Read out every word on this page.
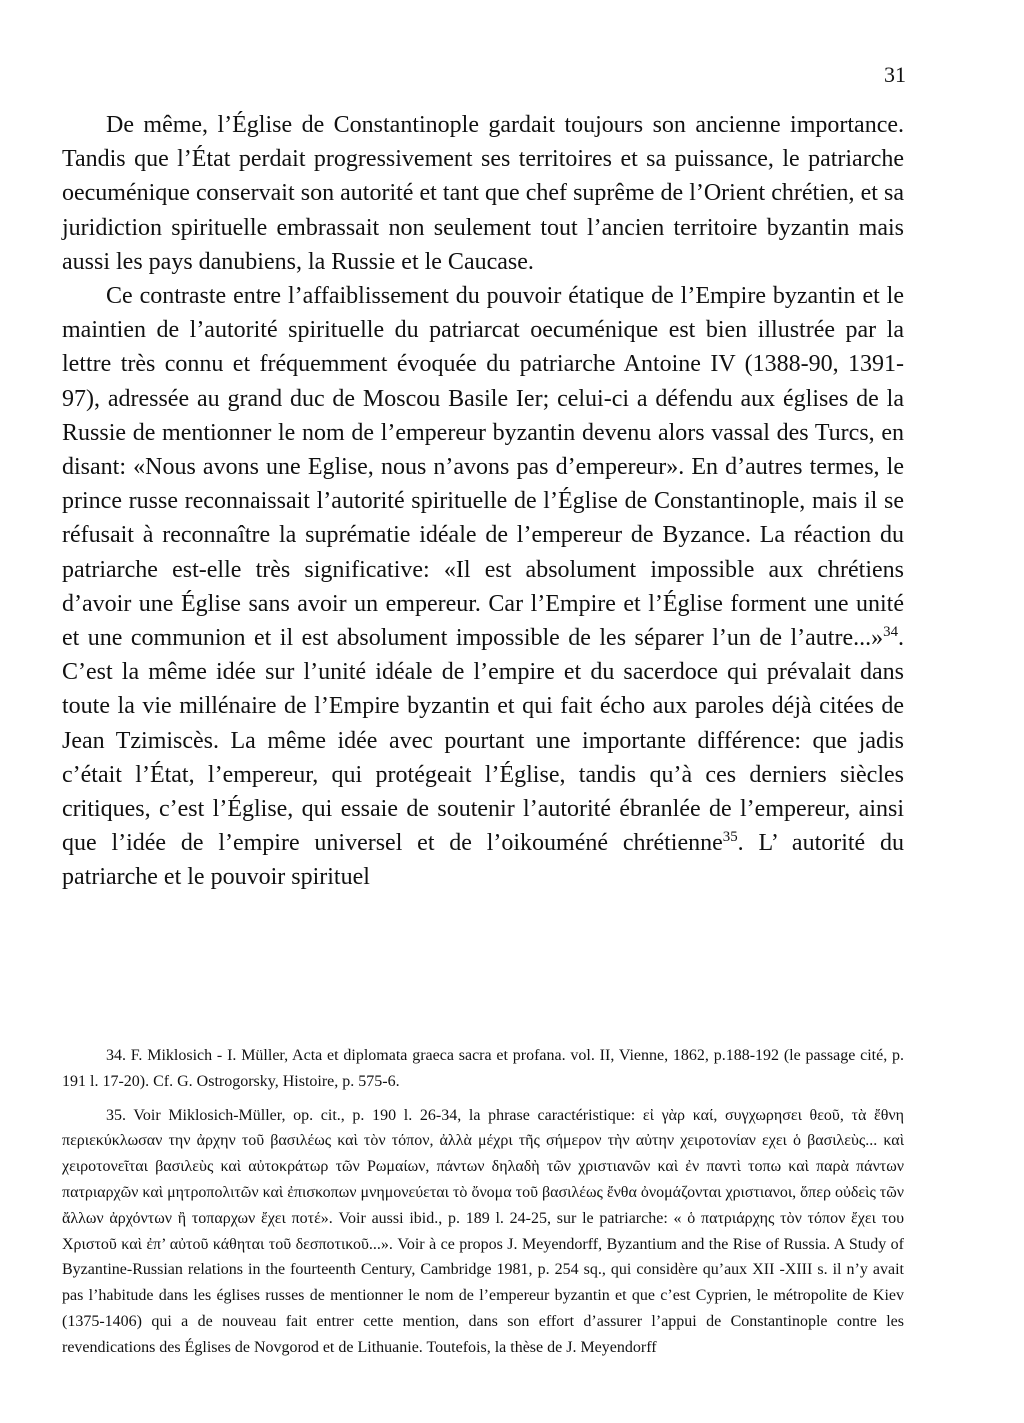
31

De même, l’Église de Constantinople gardait toujours son ancienne importance. Tandis que l’État perdait progressivement ses territoires et sa puissance, le patriarche oecuménique conservait son autorité et tant que chef suprême de l’Orient chrétien, et sa juridiction spirituelle embrassait non seulement tout l’ancien territoire byzantin mais aussi les pays danubiens, la Russie et le Caucase.

Ce contraste entre l’affaiblissement du pouvoir étatique de l’Empire byzantin et le maintien de l’autorité spirituelle du patriarcat oecuménique est bien illustrée par la lettre très connu et fréquemment évoquée du patriarche Antoine IV (1388-90, 1391-97), adressée au grand duc de Moscou Basile Ier; celui-ci a défendu aux églises de la Russie de mentionner le nom de l’empereur byzantin devenu alors vassal des Turcs, en disant: «Nous avons une Eglise, nous n’avons pas d’empereur». En d’autres termes, le prince russe reconnaissait l’autorité spirituelle de l’Église de Constantinople, mais il se réfusait à reconnaître la suprématie idéale de l’empereur de Byzance. La réaction du patriarche est-elle très significative: «Il est absolument impossible aux chrétiens d’avoir une Église sans avoir un empereur. Car l’Empire et l’Église forment une unité et une communion et il est absolument impossible de les séparer l’un de l’autre...»$^{34}$. C’est la même idée sur l’unité idéale de l’empire et du sacerdoce qui prévalait dans toute la vie millénaire de l’Empire byzantin et qui fait écho aux paroles déjà citées de Jean Tzimiscès. La même idée avec pourtant une importante différence: que jadis c’était l’État, l’empereur, qui protégeait l’Église, tandis qu’à ces derniers siècles critiques, c’est l’Église, qui essaie de soutenir l’autorité ébranlée de l’empereur, ainsi que l’idée de l’empire universel et de l’oikouméné chrétienne$^{35}$. L’ autorité du patriarche et le pouvoir spirituel

34. F. Miklosich - I. Müller, Acta et diplomata graeca sacra et profana. vol. II, Vienne, 1862, p.188-192 (le passage cité, p. 191 l. 17-20). Cf. G. Ostrogorsky, Histoire, p. 575-6.

35. Voir Miklosich-Müller, op. cit., p. 190 l. 26-34, la phrase caractéristique: εἰ γὰρ καί, συγχωρησει θεοῦ, τὰ ἔθνη περιεκύκλωσαν την ἀρχην τοῦ βασιλέως καὶ τὸν τόπον, ἀλλὰ μέχρι τῆς σήμερον τὴν αὐτην χειροτονίαν εχει ὁ βασιλεὺς... καὶ χειροτονεῖται βασιλεὺς καὶ αὐτοκράτωρ τῶν Ρωμαίων, πάντων δηλαδὴ τῶν χριστιανῶν καὶ ἐν παντὶ τοπω καὶ παρὰ πάντων πατριαρχῶν καὶ μητροπολιτῶν καὶ ἐπισκοπων μνημονεύεται τὸ ὄνομα τοῦ βασιλέως ἔνθα ὀνομάζονται χριστιανοι, ὅπερ οὐδεὶς τῶν ἄλλων ἀρχόντων ἢ τοπαρχων ἔχει ποτέ». Voir aussi ibid., p. 189 l. 24-25, sur le patriarche: « ὁ πατριάρχης τὸν τόπον ἔχει του Χριστοῦ καὶ ἐπ’ αὐτοῦ κάθηται τοῦ δεσποτικοῦ...». Voir à ce propos J. Meyendorff, Byzantium and the Rise of Russia. A Study of Byzantine-Russian relations in the fourteenth Century, Cambridge 1981, p. 254 sq., qui considère qu’aux XII -XIII s. il n’y avait pas l’habitude dans les églises russes de mentionner le nom de l’empereur byzantin et que c’est Cyprien, le métropolite de Kiev (1375-1406) qui a de nouveau fait entrer cette mention, dans son effort d’assurer l’appui de Constantinople contre les revendications des Églises de Novgorod et de Lithuanie. Toutefois, la thèse de J. Meyendorff
